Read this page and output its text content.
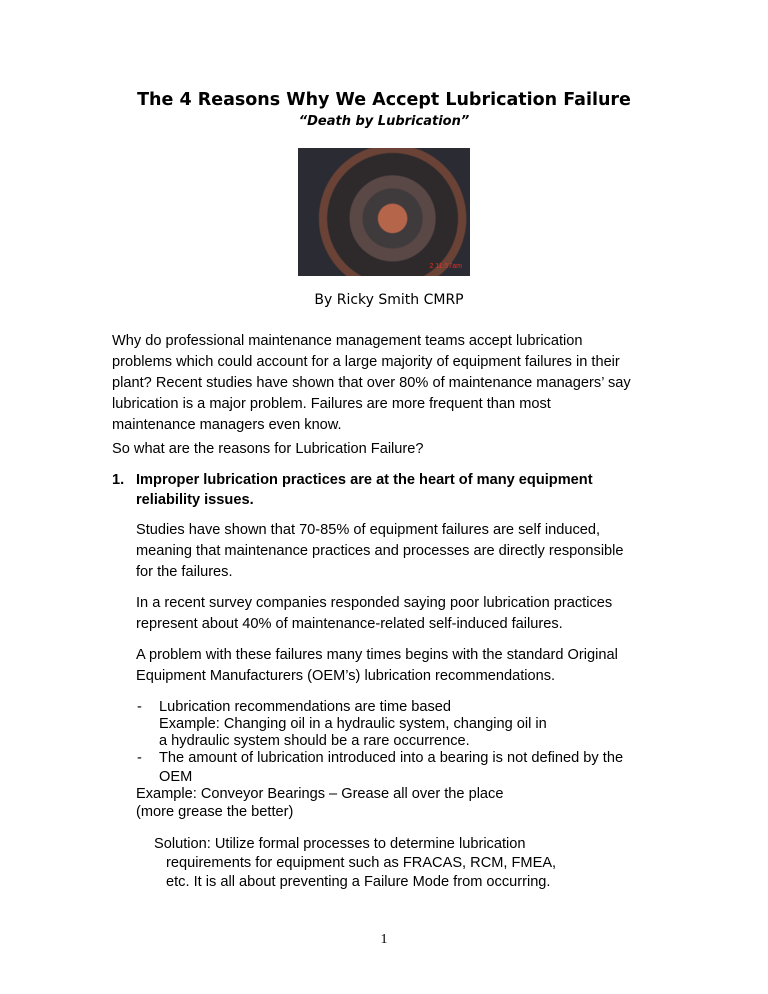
The 4 Reasons Why We Accept Lubrication Failure
“Death by Lubrication”
2 11:57am
By Ricky Smith CMRP
Why do professional maintenance management teams accept lubrication
problems which could account for a large majority of equipment failures in their
plant? Recent studies have shown that over 80% of maintenance managers’ say
lubrication is a major problem. Failures are more frequent than most
maintenance managers even know.
So what are the reasons for Lubrication Failure?
1. Improper lubrication practices are at the heart of many equipment
reliability issues.
Studies have shown that 70-85% of equipment failures are self induced,
meaning that maintenance practices and processes are directly responsible
for the failures.
In a recent survey companies responded saying poor lubrication practices
represent about 40% of maintenance-related self-induced failures.
A problem with these failures many times begins with the standard Original
Equipment Manufacturers (OEM’s) lubrication recommendations.
- Lubrication recommendations are time based
Example: Changing oil in a hydraulic system, changing oil in
a hydraulic system should be a rare occurrence.
- The amount of lubrication introduced into a bearing is not defined by the
OEM
Example: Conveyor Bearings – Grease all over the place
(more grease the better)
Solution: Utilize formal processes to determine lubrication
requirements for equipment such as FRACAS, RCM, FMEA,
etc. It is all about preventing a Failure Mode from occurring.
1
